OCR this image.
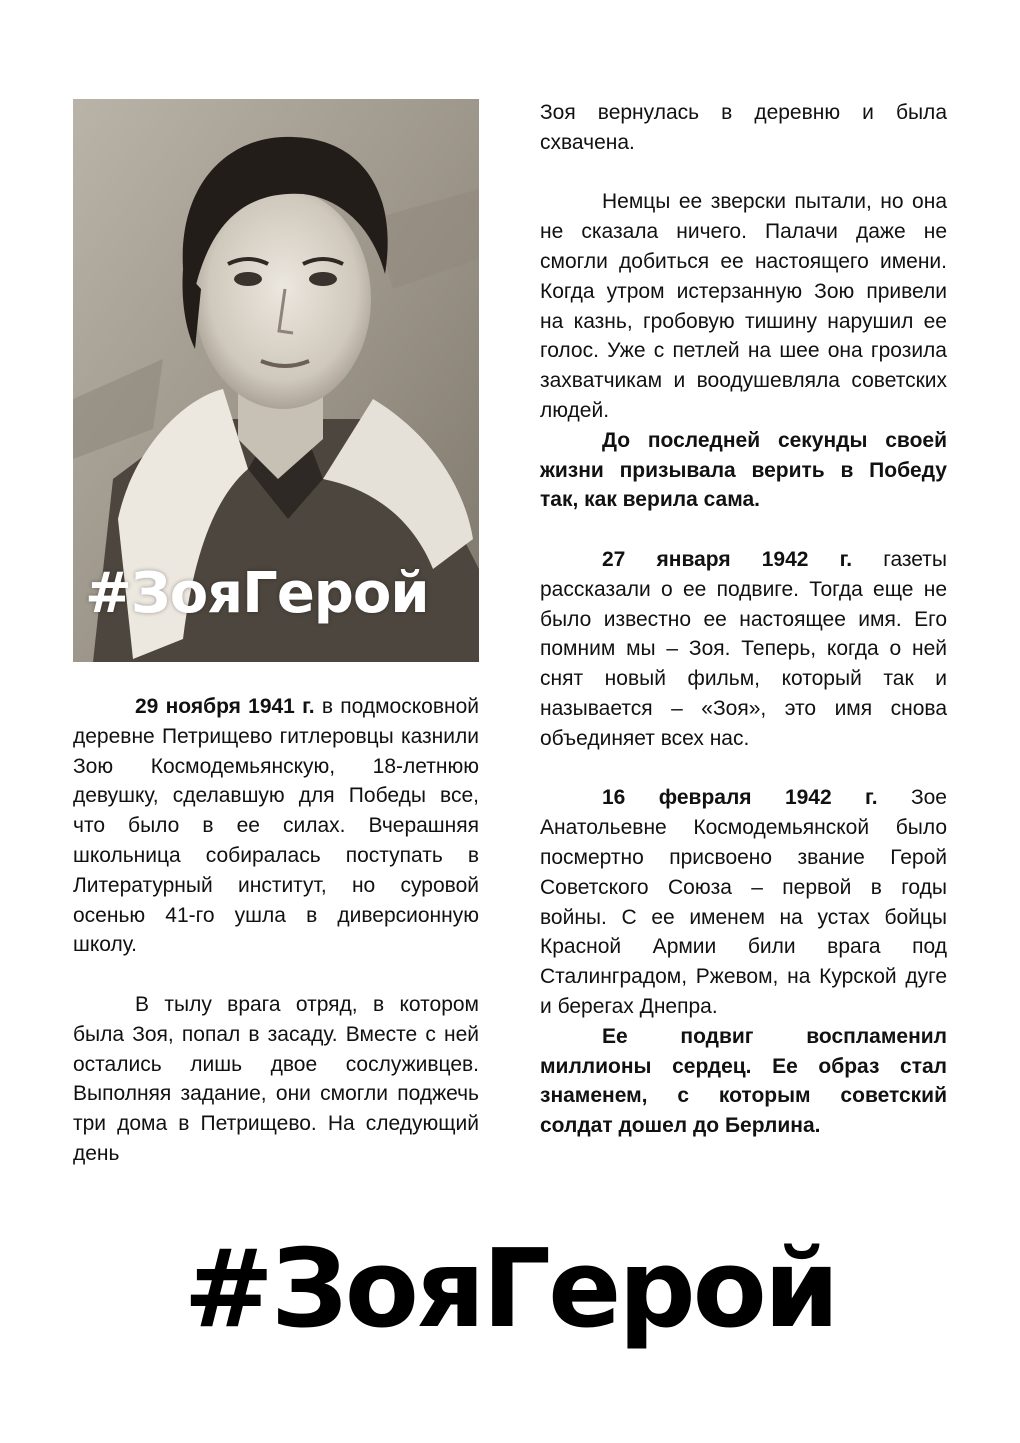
#ЗояГерой

29 ноября 1941 г. в подмосковной деревне Петрищево гитлеровцы казнили Зою Космодемьянскую, 18-летнюю девушку, сделавшую для Победы все, что было в ее силах. Вчерашняя школьница собиралась поступать в Литературный институт, но суровой осенью 41-го ушла в диверсионную школу.

В тылу врага отряд, в котором была Зоя, попал в засаду. Вместе с ней остались лишь двое сослуживцев. Выполняя задание, они смогли поджечь три дома в Петрищево. На следующий день

Зоя вернулась в деревню и была схвачена.

Немцы ее зверски пытали, но она не сказала ничего. Палачи даже не смогли добиться ее настоящего имени. Когда утром истерзанную Зою привели на казнь, гробовую тишину нарушил ее голос. Уже с петлей на шее она грозила захватчикам и воодушевляла советских людей.

До последней секунды своей жизни призывала верить в Победу так, как верила сама.

27 января 1942 г. газеты рассказали о ее подвиге. Тогда еще не было известно ее настоящее имя. Его помним мы – Зоя. Теперь, когда о ней снят новый фильм, который так и называется – «Зоя», это имя снова объединяет всех нас.

16 февраля 1942 г. Зое Анатольевне Космодемьянской было посмертно присвоено звание Герой Советского Союза – первой в годы войны. С ее именем на устах бойцы Красной Армии били врага под Сталинградом, Ржевом, на Курской дуге и берегах Днепра.

Ее подвиг воспламенил миллионы сердец. Ее образ стал знаменем, с которым советский солдат дошел до Берлина.

#ЗояГерой
